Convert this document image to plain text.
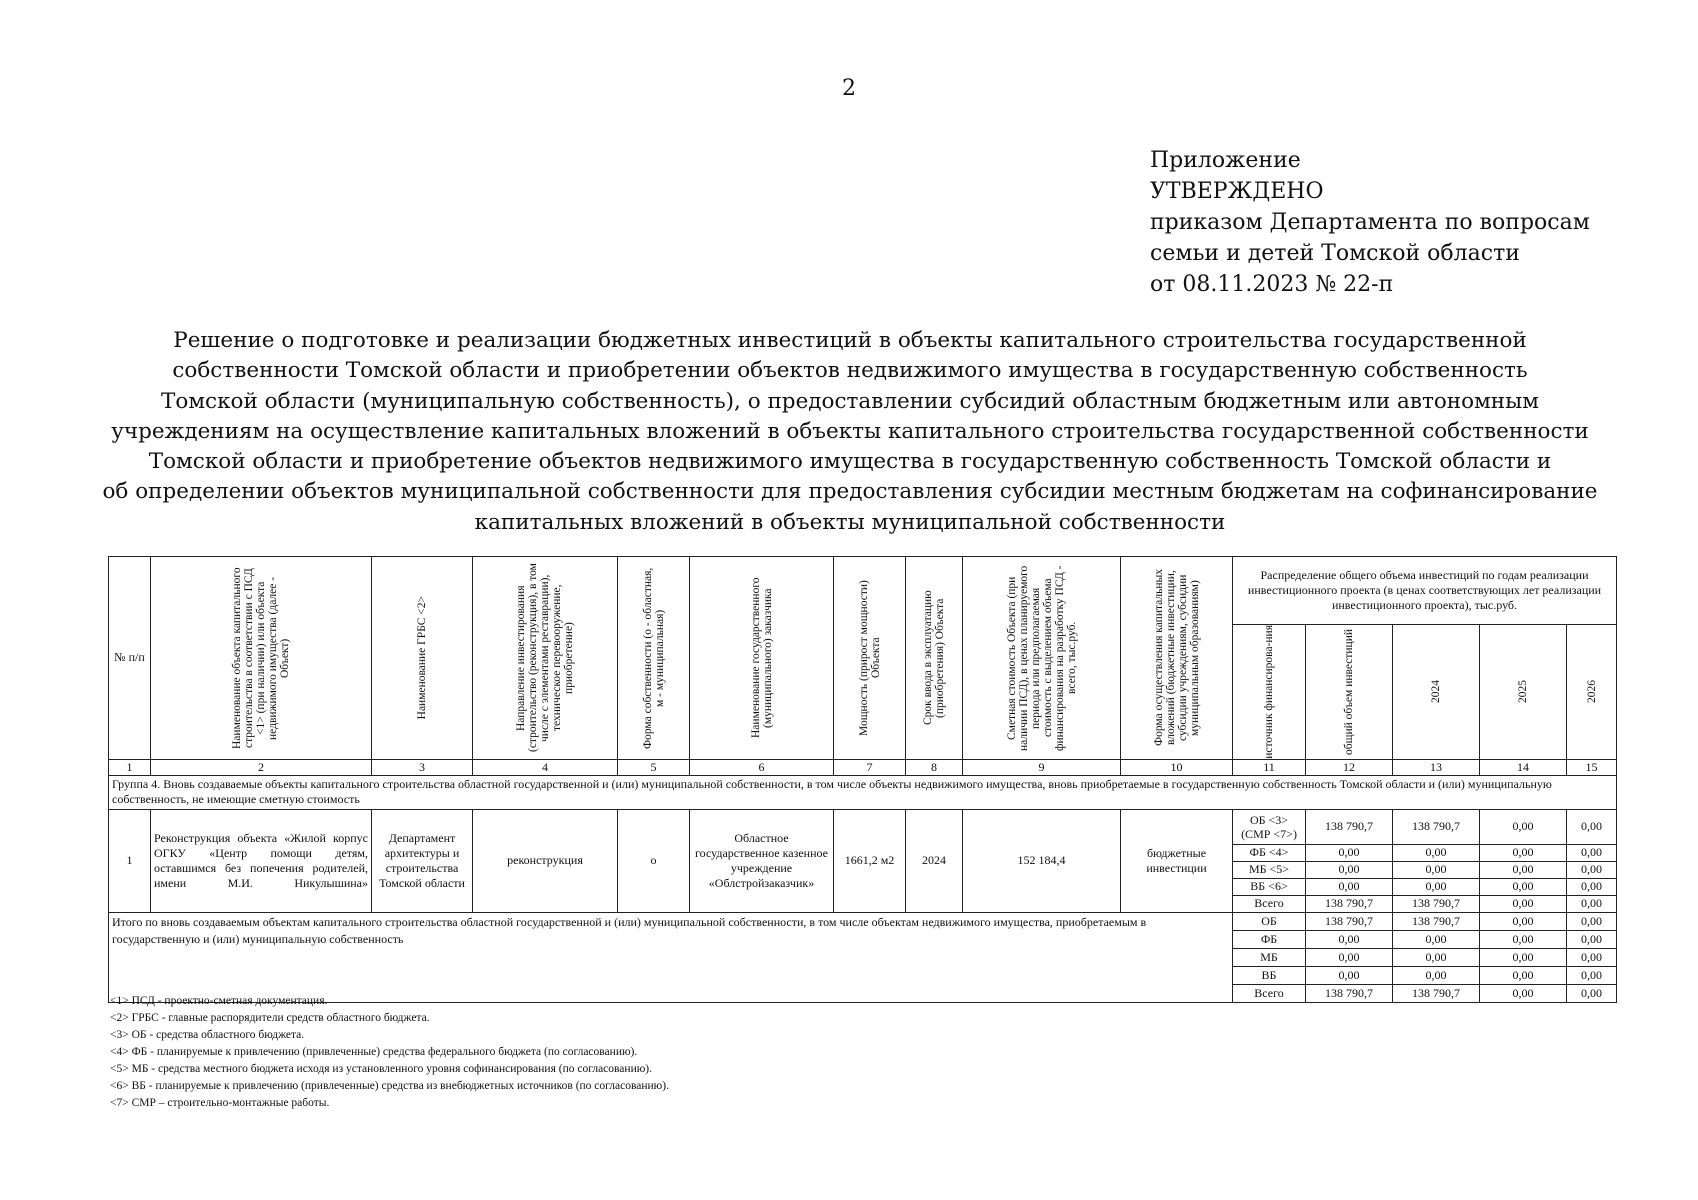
2
Приложение
УТВЕРЖДЕНО
приказом Департамента по вопросам
семьи и детей Томской области
от 08.11.2023 № 22-п
Решение о подготовке и реализации бюджетных инвестиций в объекты капитального строительства государственной
собственности Томской области и приобретении объектов недвижимого имущества в государственную собственность
Томской области (муниципальную собственность), о предоставлении субсидий областным бюджетным или автономным
учреждениям на осуществление капитальных вложений в объекты капитального строительства государственной собственности
Томской области и приобретение объектов недвижимого имущества в государственную собственность Томской области и
об определении объектов муниципальной собственности для предоставления субсидии местным бюджетам на софинансирование
капитальных вложений в объекты муниципальной собственности
№ п/п	Наименование объекта капитального строительства в соответствии с ПСД <1> (при наличии) или объекта недвижимого имущества (далее - Объект)	Наименование ГРБС <2>	Направление инвестирования (строительство (реконструкция), в том числе с элементами реставрации), техническое перевооружение, приобретение)	Форма собственности (о - областная, м - муниципальная)	Наименование государственного (муниципального) заказчика	Мощность (прирост мощности) Объекта	Срок ввода в эксплуатацию (приобретения) Объекта	Сметная стоимость Объекта (при наличии ПСД), в ценах планируемого периода или предполагаемая стоимость с выделением объема финансирования на разработку ПСД - всего, тыс.руб.	Форма осуществления капитальных вложений (бюджетные инвестиции, субсидии учреждениям, субсидии муниципальным образованиям)	Распределение общего объема инвестиций по годам реализации инвестиционного проекта (в ценах соответствующих лет реализации инвестиционного проекта), тыс.руб.				

										источник финансирова-ния	общий объем инвестиций	2024	2025	2026

1	2	3	4	5	6	7	8	9	10	11	12	13	14	15
Группа 4. Вновь создаваемые объекты капитального строительства областной государственной и (или) муниципальной собственности, в том числе объекты недвижимого имущества, вновь приобретаемые в государственную собственность Томской области и (или) муниципальную собственность, не имеющие сметную стоимость														
1	Реконструкция объекта «Жилой корпус ОГКУ «Центр помощи детям, оставшимся без попечения родителей, имени М.И. Никулышина»	Департамент архитектуры и строительства Томской области	реконструкция	о	Областное государственное казенное учреждение «Облстройзаказчик»	1661,2 м2	2024	152 184,4	бюджетные инвестиции	ОБ <3> (СМР <7>)	138 790,7	138 790,7	0,00	0,00
										ФБ <4>	0,00	0,00	0,00	0,00
										МБ <5>	0,00	0,00	0,00	0,00
										ВБ <6>	0,00	0,00	0,00	0,00
										Всего	138 790,7	138 790,7	0,00	0,00
Итого по вновь создаваемым объектам капитального строительства областной государственной и (или) муниципальной собственности, в том числе объектам недвижимого имущества, приобретаемым в государственную и (или) муниципальную собственность										ОБ	138 790,7	138 790,7	0,00	0,00
										ФБ	0,00	0,00	0,00	0,00
										МБ	0,00	0,00	0,00	0,00
										ВБ	0,00	0,00	0,00	0,00
										Всего	138 790,7	138 790,7	0,00	0,00
<1> ПСД - проектно-сметная документация.
<2> ГРБС - главные распорядители средств областного бюджета.
<3> ОБ - средства областного бюджета.
<4> ФБ - планируемые к привлечению (привлеченные) средства федерального бюджета (по согласованию).
<5> МБ - средства местного бюджета исходя из установленного уровня софинансирования (по согласованию).
<6> ВБ - планируемые к привлечению (привлеченные) средства из внебюджетных источников (по согласованию).
<7> СМР – строительно-монтажные работы.
